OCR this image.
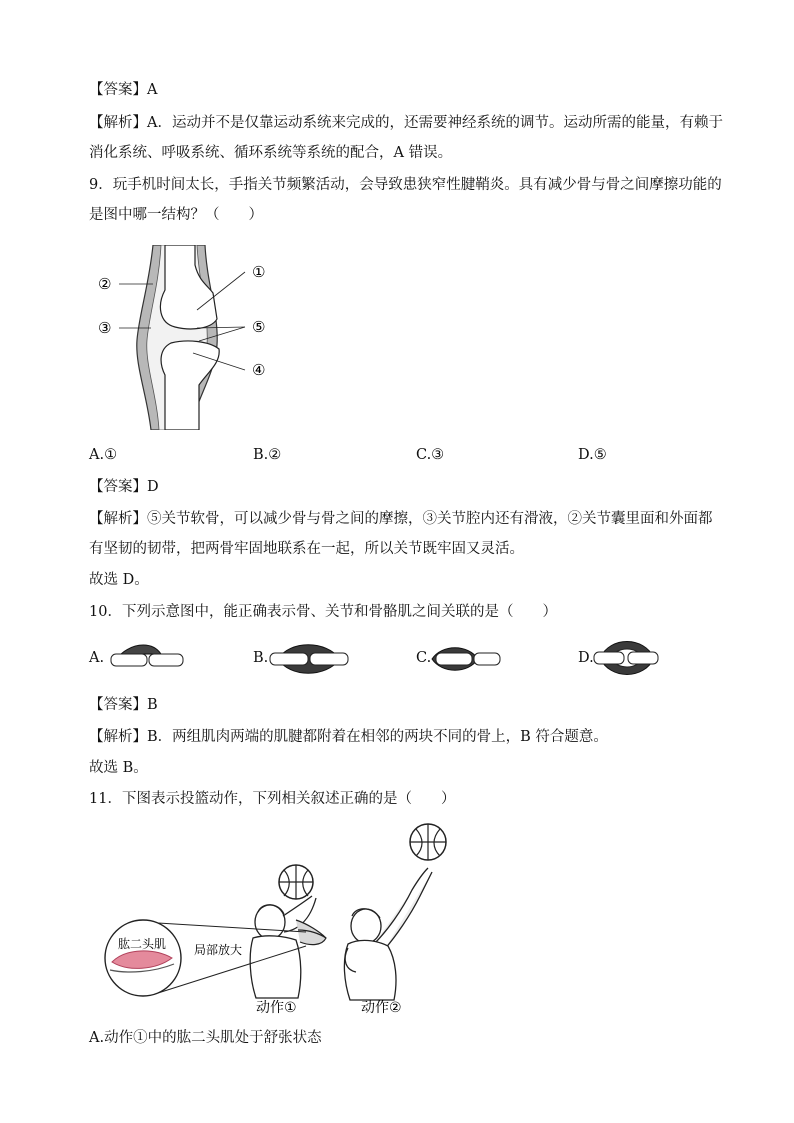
【答案】A
【解析】A．运动并不是仅靠运动系统来完成的，还需要神经系统的调节。运动所需的能量，有赖于
消化系统、呼吸系统、循环系统等系统的配合，A 错误。
9．玩手机时间太长，手指关节频繁活动，会导致患狭窄性腱鞘炎。具有减少骨与骨之间摩擦功能的
是图中哪一结构？（　　）
①
②
③
④
⑤
A.①	B.②	C.③	D.⑤
【答案】D
【解析】⑤关节软骨，可以减少骨与骨之间的摩擦，③关节腔内还有滑液，②关节囊里面和外面都
有坚韧的韧带，把两骨牢固地联系在一起，所以关节既牢固又灵活。
故选 D。
10．下列示意图中，能正确表示骨、关节和骨骼肌之间关联的是（　　）
A.	B.	C.	D.
【答案】B
【解析】B．两组肌肉两端的肌腱都附着在相邻的两块不同的骨上，B 符合题意。
故选 B。
11．下图表示投篮动作，下列相关叙述正确的是（　　）
肱二头肌 局部放大
动作①	动作②
A.动作①中的肱二头肌处于舒张状态
